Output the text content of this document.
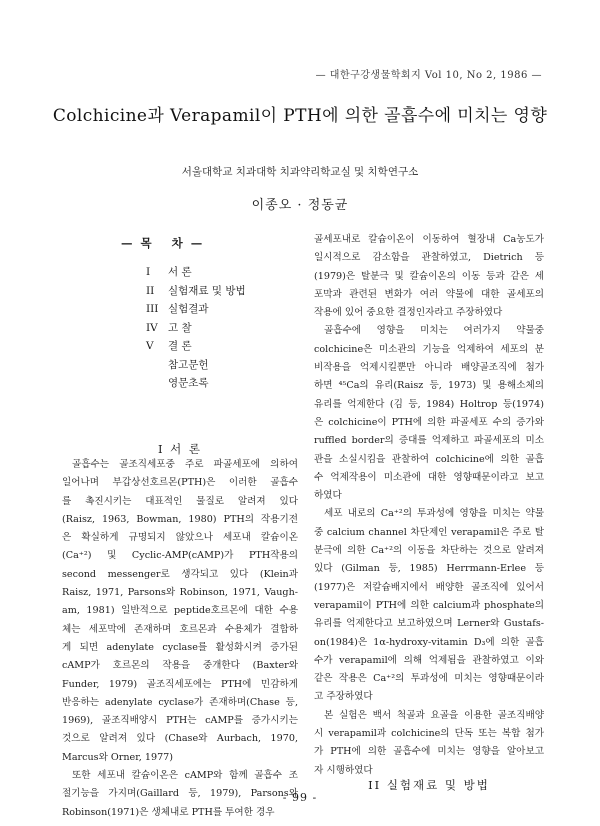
— 대한구강생물학회지 Vol 10, No 2, 1986 —
Colchicine과 Verapamil이 PTH에 의한 골흡수에 미치는 영향
서울대학교 치과대학 치과약리학교실 및 치학연구소
이종오 · 정동균
—목 차—
I 서 론
II 실험재료 및 방법
III 실험결과
IV 고 찰
V 결 론
참고문헌
영문초록
I 서 론
골흡수는 골조직세포중 주로 파골세포에 의하여
일어나며 부갑상선호르몬(PTH)은 이러한 골흡수
를 촉진시키는 대표적인 물질로 알려져 있다
(Raisz, 1963, Bowman, 1980) PTH의 작용기전
은 확실하게 규명되지 않았으나 세포내 칼슘이온
(Ca⁺²) 및 Cyclic-AMP(cAMP)가 PTH작용의
second messenger로 생각되고 있다 (Klein과
Raisz, 1971, Parsons와 Robinson, 1971, Vaugh-
am, 1981) 일반적으로 peptide호르몬에 대한 수용
체는 세포막에 존재하며 호르몬과 수용체가 결합하
게 되면 adenylate cyclase를 활성화시켜 증가된
cAMP가 호르몬의 작용을 중개한다 (Baxter와
Funder, 1979) 골조직세포에는 PTH에 민감하게
반응하는 adenylate cyclase가 존재하며(Chase 등,
1969), 골조직배양시 PTH는 cAMP를 증가시키는
것으로 알려져 있다 (Chase와 Aurbach, 1970,
Marcus와 Orner, 1977)
또한 세포내 칼슘이온은 cAMP와 함께 골흡수 조
절기능을 가지며(Gaillard 등, 1979), Parsons와
Robinson(1971)은 생체내로 PTH를 투여한 경우
골세포내로 칼슘이온이 이동하여 혈장내 Ca농도가
일시적으로 감소함을 관찰하였고, Dietrich 등
(1979)은 탈분극 및 칼슘이온의 이동 등과 같은 세
포막과 관련된 변화가 여러 약물에 대한 골세포의
작용에 있어 중요한 결정인자라고 주장하였다
골흡수에 영향을 미치는 여러가지 약물중
colchicine은 미소관의 기능을 억제하여 세포의 분
비작용을 억제시킬뿐만 아니라 배양골조직에 첨가
하면 ⁴⁵Ca의 유리(Raisz 등, 1973) 및 용해소체의
유리를 억제한다 (김 등, 1984) Holtrop 등(1974)
은 colchicine이 PTH에 의한 파골세포 수의 증가와
ruffled border의 증대를 억제하고 파골세포의 미소
관을 소실시킴을 관찰하여 colchicine에 의한 골흡
수 억제작용이 미소관에 대한 영향때문이라고 보고
하였다
세포 내로의 Ca⁺²의 투과성에 영향을 미치는 약물
중 calcium channel 차단제인 verapamil은 주로 탈
분극에 의한 Ca⁺²의 이동을 차단하는 것으로 알려져
있다 (Gilman 등, 1985) Herrmann-Erlee 등
(1977)은 저칼슘배지에서 배양한 골조직에 있어서
verapamil이 PTH에 의한 calcium과 phosphate의
유리를 억제한다고 보고하였으며 Lerner와 Gustafs-
on(1984)은 1α-hydroxy-vitamin D₃에 의한 골흡
수가 verapamil에 의해 억제됨을 관찰하였고 이와
같은 작용은 Ca⁺²의 투과성에 미치는 영향때문이라
고 주장하였다
본 실험은 백서 척골과 요골을 이용한 골조직배양
시 verapamil과 colchicine의 단독 또는 복합 첨가
가 PTH에 의한 골흡수에 미치는 영향을 알아보고
자 시행하였다
II 실험재료 및 방법
- 99 -
